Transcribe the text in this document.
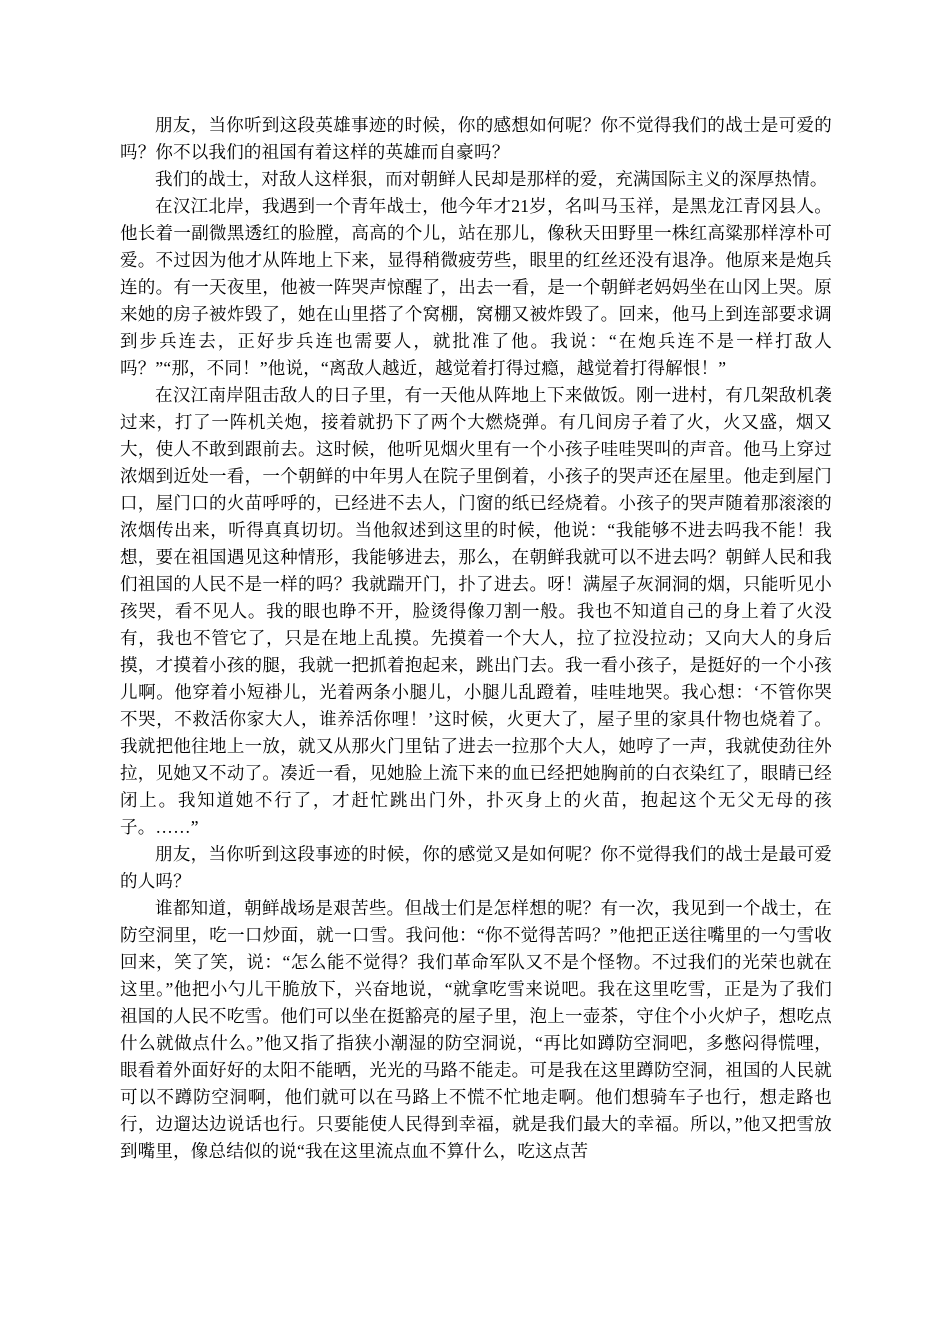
朋友，当你听到这段英雄事迹的时候，你的感想如何呢？你不觉得我们的战士是可爱的吗？你不以我们的祖国有着这样的英雄而自豪吗？

我们的战士，对敌人这样狠，而对朝鲜人民却是那样的爱，充满国际主义的深厚热情。

在汉江北岸，我遇到一个青年战士，他今年才21岁，名叫马玉祥，是黑龙江青冈县人。他长着一副微黑透红的脸膛，高高的个儿，站在那儿，像秋天田野里一株红高粱那样淳朴可爱。不过因为他才从阵地上下来，显得稍微疲劳些，眼里的红丝还没有退净。他原来是炮兵连的。有一天夜里，他被一阵哭声惊醒了，出去一看，是一个朝鲜老妈妈坐在山冈上哭。原来她的房子被炸毁了，她在山里搭了个窝棚，窝棚又被炸毁了。回来，他马上到连部要求调到步兵连去，正好步兵连也需要人，就批准了他。我说：“在炮兵连不是一样打敌人吗？”“那，不同！”他说，“离敌人越近，越觉着打得过瘾，越觉着打得解恨！”

在汉江南岸阻击敌人的日子里，有一天他从阵地上下来做饭。刚一进村，有几架敌机袭过来，打了一阵机关炮，接着就扔下了两个大燃烧弹。有几间房子着了火，火又盛，烟又大，使人不敢到跟前去。这时候，他听见烟火里有一个小孩子哇哇哭叫的声音。他马上穿过浓烟到近处一看，一个朝鲜的中年男人在院子里倒着，小孩子的哭声还在屋里。他走到屋门口，屋门口的火苗呼呼的，已经进不去人，门窗的纸已经烧着。小孩子的哭声随着那滚滚的浓烟传出来，听得真真切切。当他叙述到这里的时候，他说：“我能够不进去吗我不能！我想，要在祖国遇见这种情形，我能够进去，那么，在朝鲜我就可以不进去吗？朝鲜人民和我们祖国的人民不是一样的吗？我就踹开门，扑了进去。呀！满屋子灰洞洞的烟，只能听见小孩哭，看不见人。我的眼也睁不开，脸烫得像刀割一般。我也不知道自己的身上着了火没有，我也不管它了，只是在地上乱摸。先摸着一个大人，拉了拉没拉动；又向大人的身后摸，才摸着小孩的腿，我就一把抓着抱起来，跳出门去。我一看小孩子，是挺好的一个小孩儿啊。他穿着小短褂儿，光着两条小腿儿，小腿儿乱蹬着，哇哇地哭。我心想：‘不管你哭不哭，不救活你家大人，谁养活你哩！’这时候，火更大了，屋子里的家具什物也烧着了。我就把他往地上一放，就又从那火门里钻了进去一拉那个大人，她哼了一声，我就使劲往外拉，见她又不动了。凑近一看，见她脸上流下来的血已经把她胸前的白衣染红了，眼睛已经闭上。我知道她不行了，才赶忙跳出门外，扑灭身上的火苗，抱起这个无父无母的孩子。……”

朋友，当你听到这段事迹的时候，你的感觉又是如何呢？你不觉得我们的战士是最可爱的人吗？

谁都知道，朝鲜战场是艰苦些。但战士们是怎样想的呢？有一次，我见到一个战士，在防空洞里，吃一口炒面，就一口雪。我问他：“你不觉得苦吗？”他把正送往嘴里的一勺雪收回来，笑了笑，说：“怎么能不觉得？我们革命军队又不是个怪物。不过我们的光荣也就在这里。”他把小勺儿干脆放下，兴奋地说，“就拿吃雪来说吧。我在这里吃雪，正是为了我们祖国的人民不吃雪。他们可以坐在挺豁亮的屋子里，泡上一壶茶，守住个小火炉子，想吃点什么就做点什么。”他又指了指狭小潮湿的防空洞说，“再比如蹲防空洞吧，多憋闷得慌哩，眼看着外面好好的太阳不能晒，光光的马路不能走。可是我在这里蹲防空洞，祖国的人民就可以不蹲防空洞啊，他们就可以在马路上不慌不忙地走啊。他们想骑车子也行，想走路也行，边遛达边说话也行。只要能使人民得到幸福，就是我们最大的幸福。所以，”他又把雪放到嘴里，像总结似的说“我在这里流点血不算什么，吃这点苦
